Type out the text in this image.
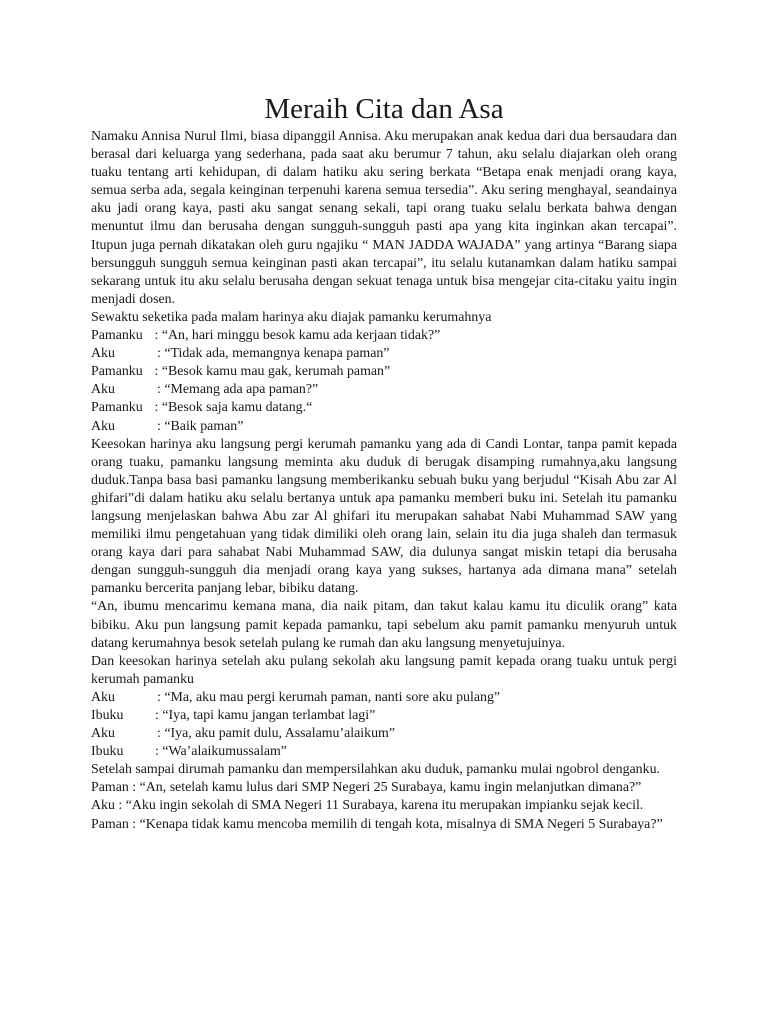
Meraih Cita dan Asa

Namaku Annisa Nurul Ilmi, biasa dipanggil Annisa. Aku merupakan anak kedua dari dua bersaudara dan berasal dari keluarga yang sederhana, pada saat aku berumur 7 tahun, aku selalu diajarkan oleh orang tuaku tentang arti kehidupan, di dalam hatiku aku sering berkata “Betapa enak menjadi orang kaya, semua serba ada, segala keinginan terpenuhi karena semua tersedia”. Aku sering menghayal, seandainya aku jadi orang kaya, pasti aku sangat senang sekali, tapi orang tuaku selalu berkata bahwa dengan menuntut ilmu dan berusaha dengan sungguh-sungguh pasti apa yang kita inginkan akan tercapai”. Itupun juga pernah dikatakan oleh guru ngajiku “ MAN JADDA WAJADA” yang artinya “Barang siapa bersungguh sungguh semua keinginan pasti akan tercapai”, itu selalu kutanamkan dalam hatiku sampai sekarang untuk itu aku selalu berusaha dengan sekuat tenaga untuk bisa mengejar cita-citaku yaitu ingin menjadi dosen.

Sewaktu seketika pada malam harinya aku diajak pamanku kerumahnya

Pamanku : “An, hari minggu besok kamu ada kerjaan tidak?”
Aku	: “Tidak ada, memangnya kenapa paman”
Pamanku : “Besok kamu mau gak, kerumah paman”
Aku	: “Memang ada apa paman?”
Pamanku : “Besok saja kamu datang.“
Aku	: “Baik paman”

Keesokan harinya aku langsung pergi kerumah pamanku yang ada di Candi Lontar, tanpa pamit kepada orang tuaku, pamanku langsung meminta aku duduk di berugak disamping rumahnya,aku langsung duduk.Tanpa basa basi pamanku langsung memberikanku sebuah buku yang berjudul “Kisah Abu zar Al ghifari”di dalam hatiku aku selalu bertanya untuk apa pamanku memberi buku ini. Setelah itu pamanku langsung menjelaskan bahwa Abu zar Al ghifari itu merupakan sahabat Nabi Muhammad SAW yang memiliki ilmu pengetahuan yang tidak dimiliki oleh orang lain, selain itu dia juga shaleh dan termasuk orang kaya dari para sahabat Nabi Muhammad SAW, dia dulunya sangat miskin tetapi dia berusaha dengan sungguh-sungguh dia menjadi orang kaya yang sukses, hartanya ada dimana mana” setelah pamanku bercerita panjang lebar, bibiku datang.

“An, ibumu mencarimu kemana mana, dia naik pitam, dan takut kalau kamu itu diculik orang” kata bibiku. Aku pun langsung pamit kepada pamanku, tapi sebelum aku pamit pamanku menyuruh untuk datang kerumahnya besok setelah pulang ke rumah dan aku langsung menyetujuinya.

Dan keesokan harinya setelah aku pulang sekolah aku langsung pamit kepada orang tuaku untuk pergi kerumah pamanku

Aku	: “Ma, aku mau pergi kerumah paman, nanti sore aku pulang”
Ibuku	: “Iya, tapi kamu jangan terlambat lagi”
Aku	: “Iya, aku pamit dulu, Assalamu’alaikum”
Ibuku	: “Wa’alaikumussalam”

Setelah sampai dirumah pamanku dan mempersilahkan aku duduk, pamanku mulai ngobrol denganku.

Paman : “An, setelah kamu lulus dari SMP Negeri 25 Surabaya, kamu ingin melanjutkan dimana?”

Aku : “Aku ingin sekolah di SMA Negeri 11 Surabaya, karena itu merupakan impianku sejak kecil.

Paman : “Kenapa tidak kamu mencoba memilih di tengah kota, misalnya di SMA Negeri 5 Surabaya?”
